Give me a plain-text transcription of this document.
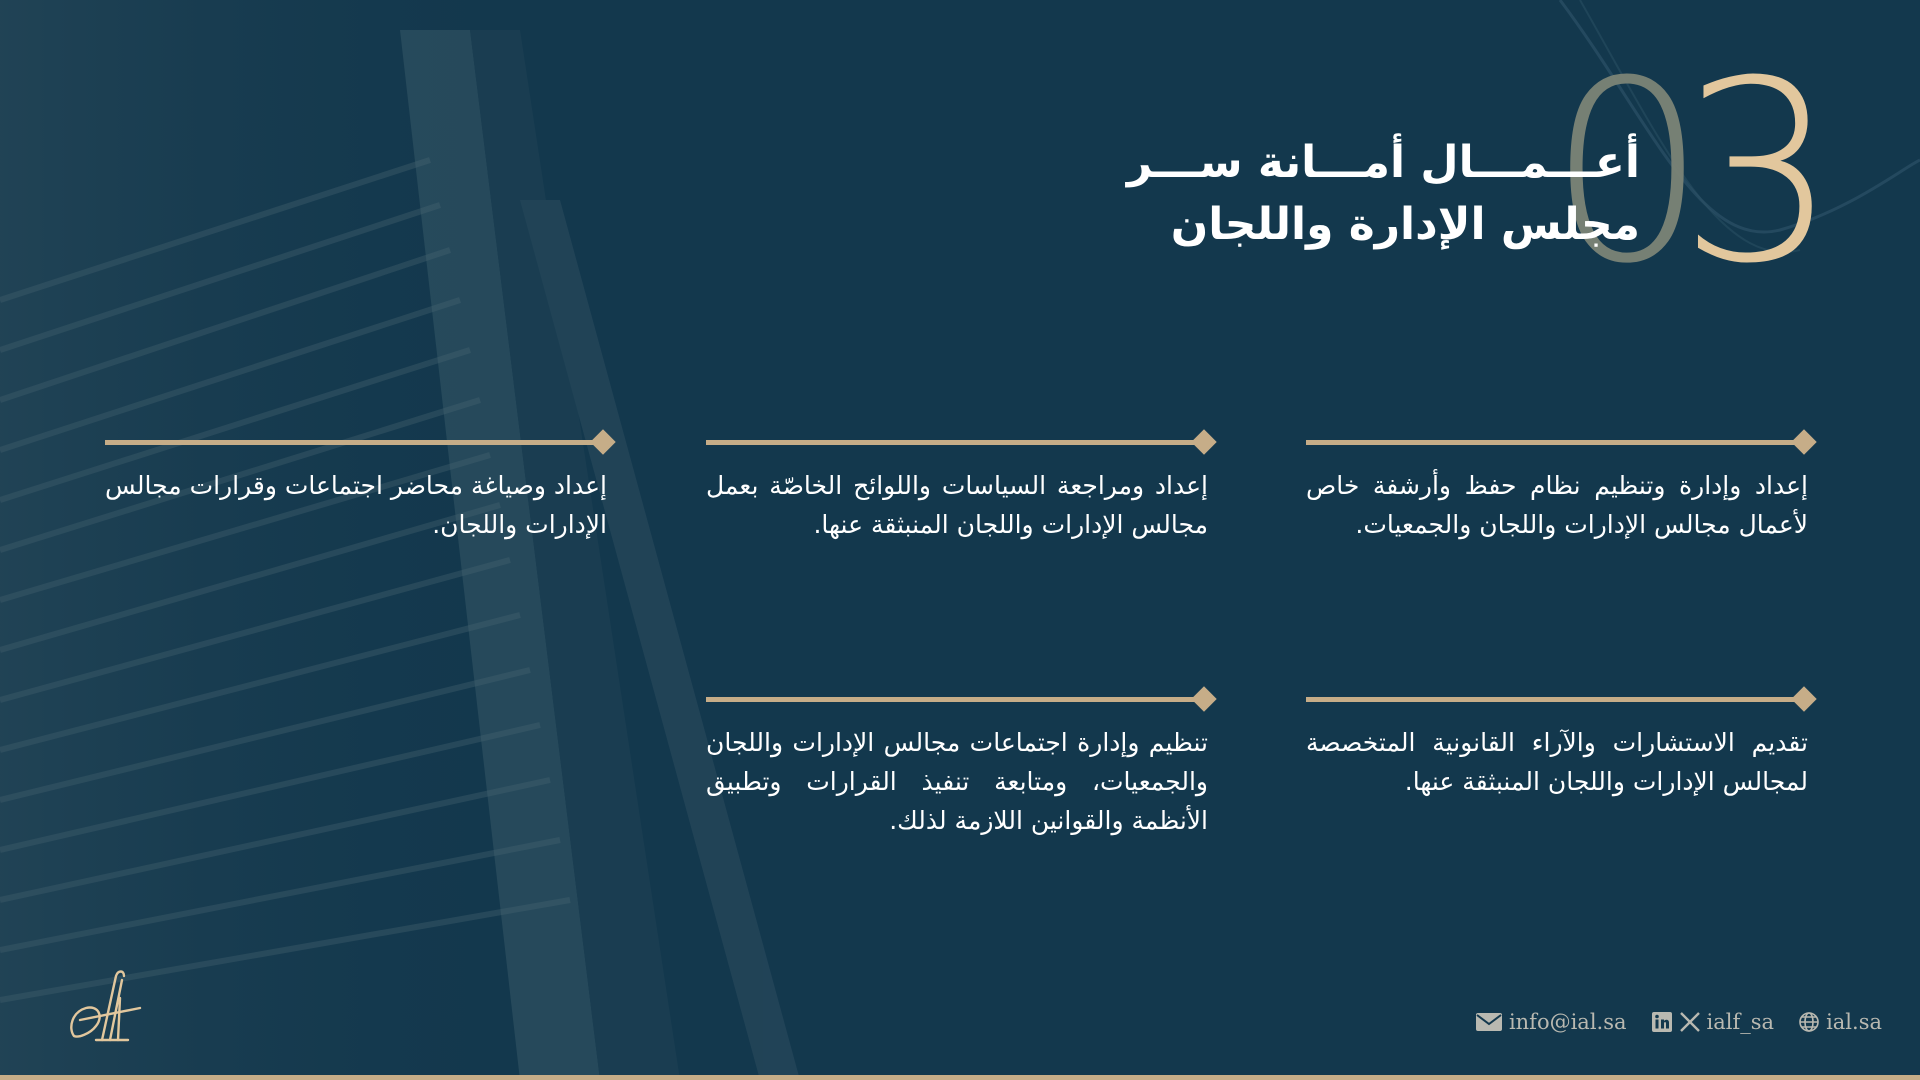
03
أعـــمـــال أمـــانة ســـر
مجلس الإدارة واللجان
إعداد وإدارة وتنظيم نظام حفظ وأرشفة خاص لأعمال مجالس الإدارات واللجان والجمعيات.
إعداد ومراجعة السياسات واللوائح الخاصّة بعمل مجالس الإدارات واللجان المنبثقة عنها.
إعداد وصياغة محاضر اجتماعات وقرارات مجالس الإدارات واللجان.
تقديم الاستشارات والآراء القانونية المتخصصة لمجالس الإدارات واللجان المنبثقة عنها.
تنظيم وإدارة اجتماعات مجالس الإدارات واللجان والجمعيات، ومتابعة تنفيذ القرارات وتطبيق الأنظمة والقوانين اللازمة لذلك.
info@ial.sa	ialf_sa ial.sa
